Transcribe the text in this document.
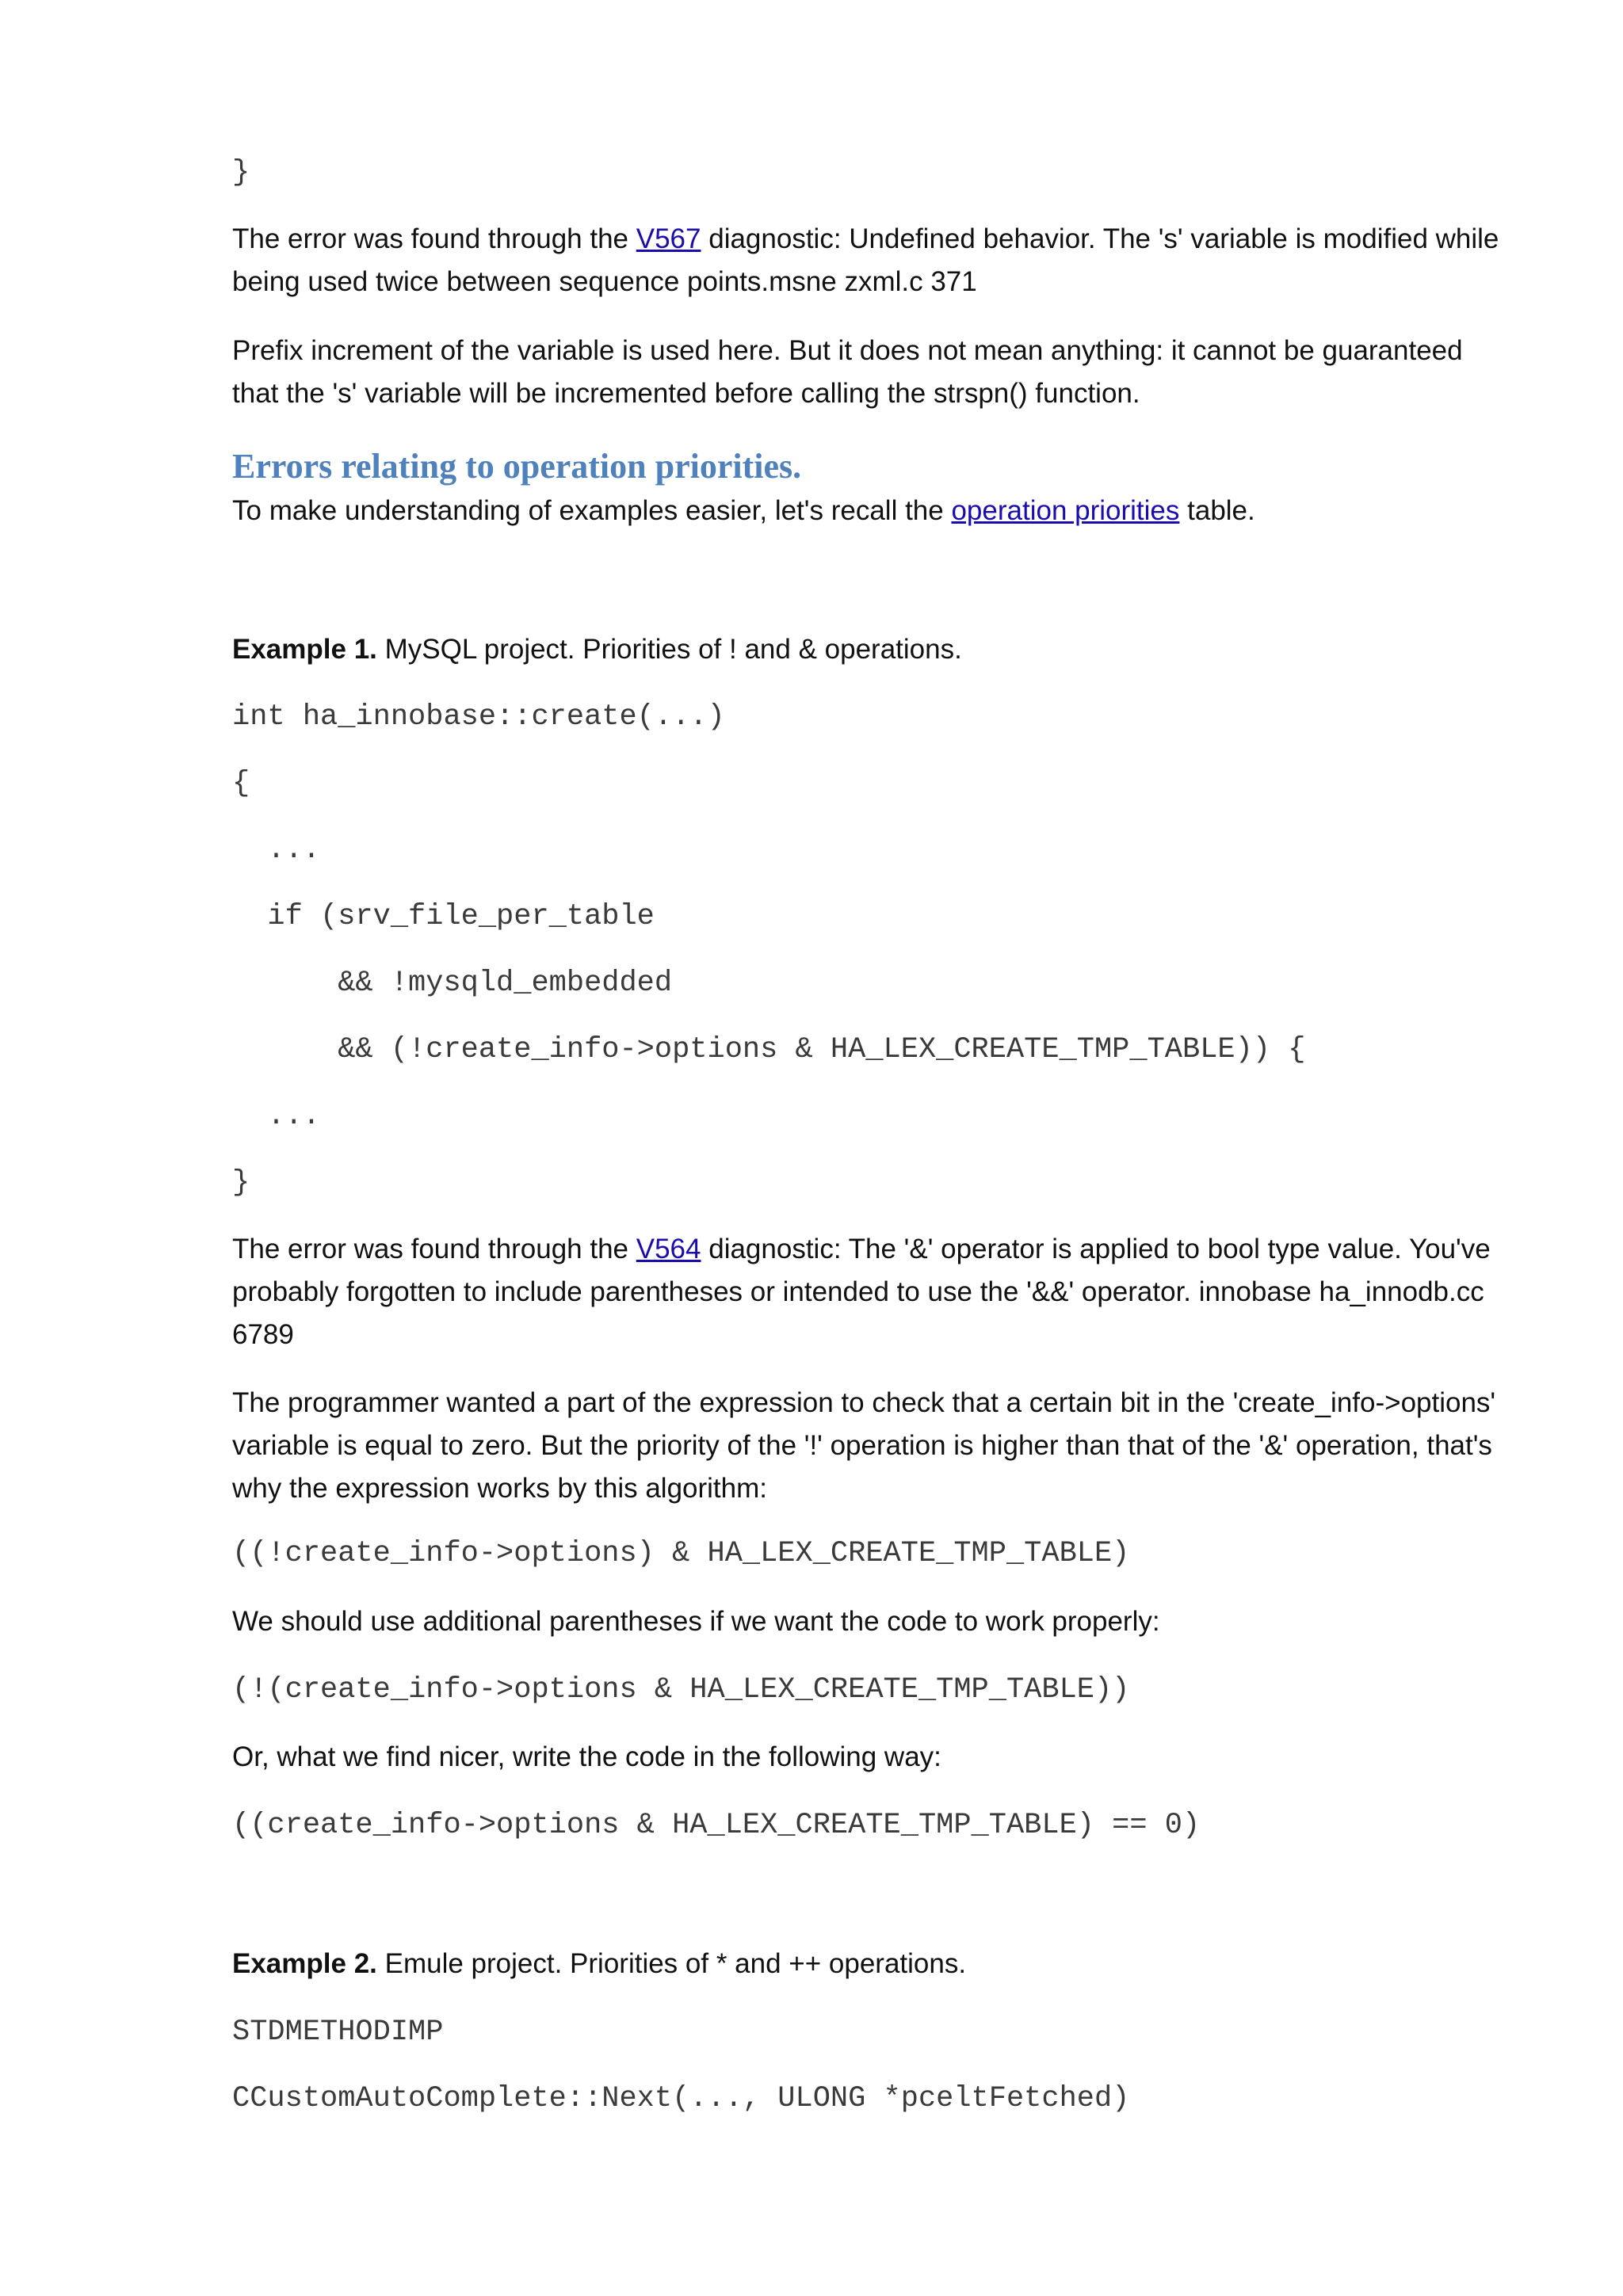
}

The error was found through the V567 diagnostic: Undefined behavior. The 's' variable is modified while being used twice between sequence points.msne zxml.c 371

Prefix increment of the variable is used here. But it does not mean anything: it cannot be guaranteed that the 's' variable will be incremented before calling the strspn() function.

Errors relating to operation priorities.

To make understanding of examples easier, let's recall the operation priorities table.

Example 1. MySQL project. Priorities of ! and & operations.

int ha_innobase::create(...)
{
...
if (srv_file_per_table
&& !mysqld_embedded
&& (!create_info->options & HA_LEX_CREATE_TMP_TABLE)) {
...
}

The error was found through the V564 diagnostic: The '&' operator is applied to bool type value. You've probably forgotten to include parentheses or intended to use the '&&' operator. innobase ha_innodb.cc 6789

The programmer wanted a part of the expression to check that a certain bit in the 'create_info->options' variable is equal to zero. But the priority of the '!' operation is higher than that of the '&' operation, that's why the expression works by this algorithm:

((!create_info->options) & HA_LEX_CREATE_TMP_TABLE)

We should use additional parentheses if we want the code to work properly:

(!(create_info->options & HA_LEX_CREATE_TMP_TABLE))

Or, what we find nicer, write the code in the following way:

((create_info->options & HA_LEX_CREATE_TMP_TABLE) == 0)

Example 2. Emule project. Priorities of * and ++ operations.

STDMETHODIMP
CCustomAutoComplete::Next(..., ULONG *pceltFetched)
